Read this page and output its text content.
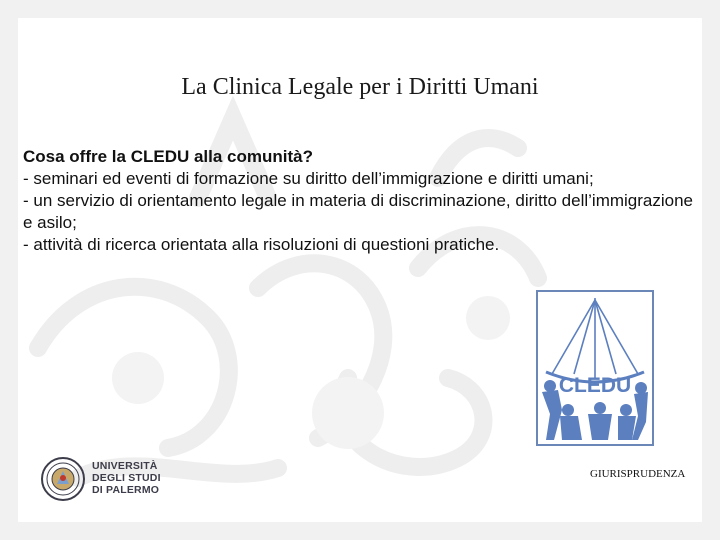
La Clinica Legale per i Diritti Umani
Cosa offre la CLEDU alla comunità?
- seminari ed eventi di formazione su diritto dell’immigrazione e diritti umani;
- un servizio di orientamento legale in materia di discriminazione, diritto dell’immigrazione e asilo;
- attività di ricerca orientata alla risoluzioni di questioni pratiche.
CLEDU
UNIVERSITÀ
DEGLI STUDI
DI PALERMO
GIURISPRUDENZA
